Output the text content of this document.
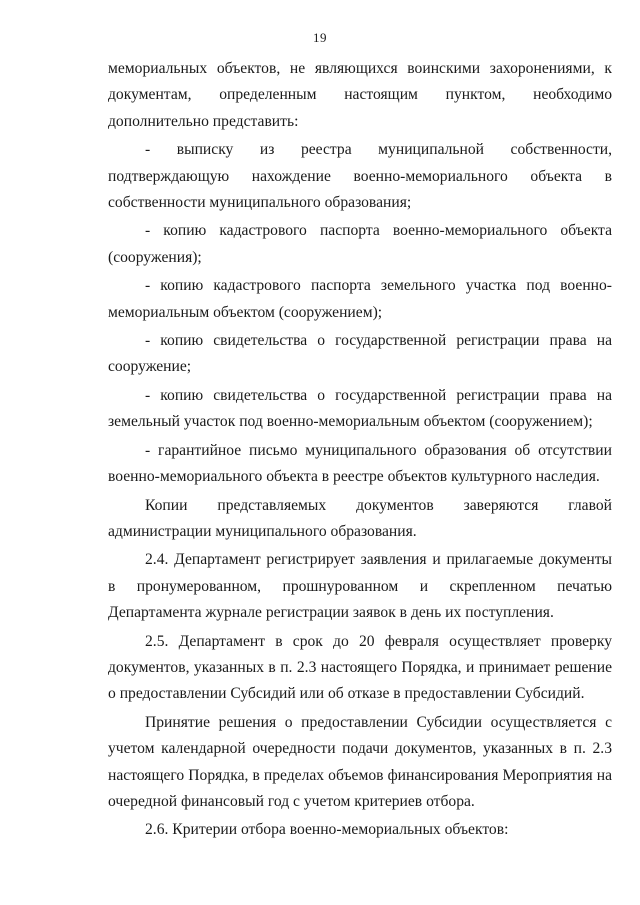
19

мемориальных объектов, не являющихся воинскими захоронениями, к документам, определенным настоящим пунктом, необходимо дополнительно представить:

- выписку из реестра муниципальной собственности, подтверждающую нахождение военно-мемориального объекта в собственности муниципального образования;

- копию кадастрового паспорта военно-мемориального объекта (сооружения);

- копию кадастрового паспорта земельного участка под военно-мемориальным объектом (сооружением);

- копию свидетельства о государственной регистрации права на сооружение;

- копию свидетельства о государственной регистрации права на земельный участок под военно-мемориальным объектом (сооружением);

- гарантийное письмо муниципального образования об отсутствии военно-мемориального объекта в реестре объектов культурного наследия.

Копии представляемых документов заверяются главой администрации муниципального образования.

2.4. Департамент регистрирует заявления и прилагаемые документы в пронумерованном, прошнурованном и скрепленном печатью Департамента журнале регистрации заявок в день их поступления.

2.5. Департамент в срок до 20 февраля осуществляет проверку документов, указанных в п. 2.3 настоящего Порядка, и принимает решение о предоставлении Субсидий или об отказе в предоставлении Субсидий.

Принятие решения о предоставлении Субсидии осуществляется с учетом календарной очередности подачи документов, указанных в п. 2.3 настоящего Порядка, в пределах объемов финансирования Мероприятия на очередной финансовый год с учетом критериев отбора.

2.6. Критерии отбора военно-мемориальных объектов:
